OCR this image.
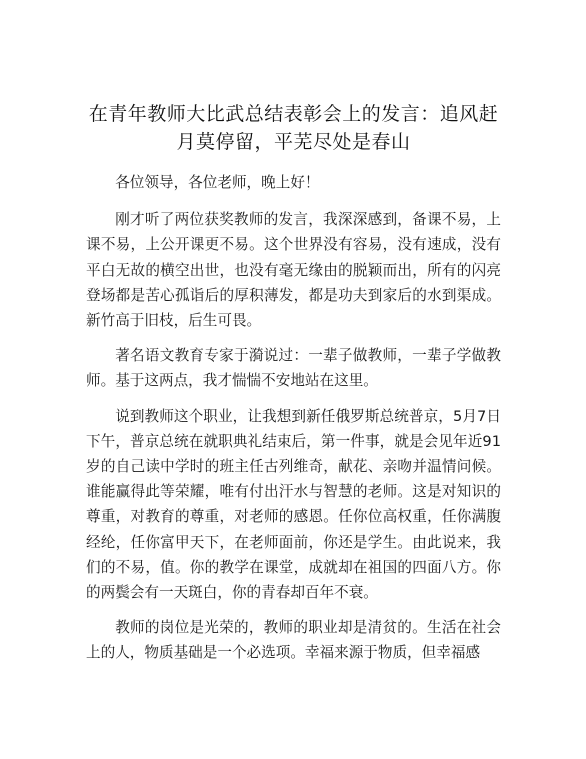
在青年教师大比武总结表彰会上的发言：追风赶月莫停留，平芜尽处是春山

各位领导，各位老师，晚上好！

刚才听了两位获奖教师的发言，我深深感到，备课不易，上课不易，上公开课更不易。这个世界没有容易，没有速成，没有平白无故的横空出世，也没有毫无缘由的脱颖而出，所有的闪亮登场都是苦心孤诣后的厚积薄发，都是功夫到家后的水到渠成。新竹高于旧枝，后生可畏。

著名语文教育专家于漪说过：一辈子做教师，一辈子学做教师。基于这两点，我才惴惴不安地站在这里。

说到教师这个职业，让我想到新任俄罗斯总统普京，5月7日下午，普京总统在就职典礼结束后，第一件事，就是会见年近91岁的自己读中学时的班主任古列维奇，献花、亲吻并温情问候。谁能赢得此等荣耀，唯有付出汗水与智慧的老师。这是对知识的尊重，对教育的尊重，对老师的感恩。任你位高权重，任你满腹经纶，任你富甲天下，在老师面前，你还是学生。由此说来，我们的不易，值。你的教学在课堂，成就却在祖国的四面八方。你的两鬓会有一天斑白，你的青春却百年不衰。

教师的岗位是光荣的，教师的职业却是清贫的。生活在社会上的人，物质基础是一个必选项。幸福来源于物质，但幸福感
